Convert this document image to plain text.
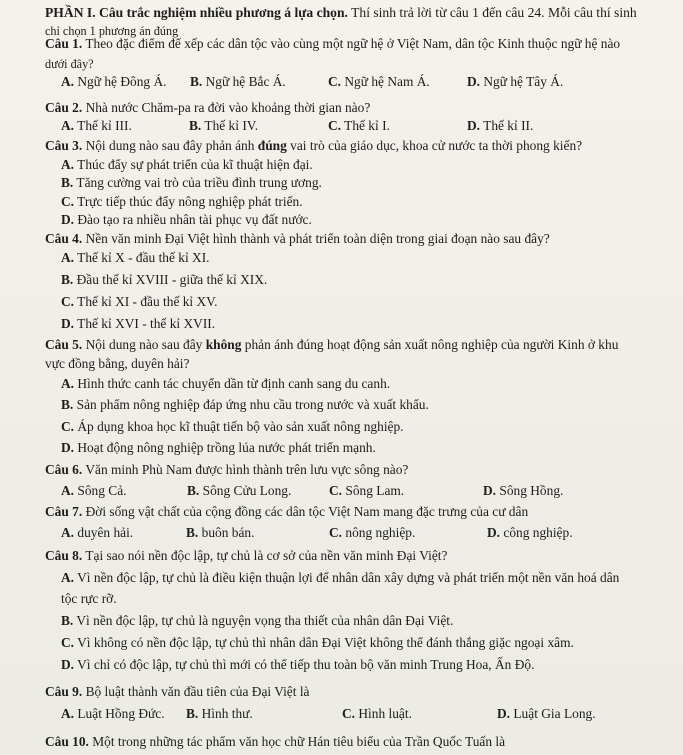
PHẦN I. Câu trắc nghiệm nhiều phương á lựa chọn. Thí sinh trả lời từ câu 1 đến câu 24. Mỗi câu thí sinh
chỉ chọn 1 phương án đúng
Câu 1. Theo đặc điểm để xếp các dân tộc vào cùng một ngữ hệ ở Việt Nam, dân tộc Kinh thuộc ngữ hệ nào
dưới đây?
A. Ngữ hệ Đông Á. B. Ngữ hệ Bắc Á.	C. Ngữ hệ Nam Á.	D. Ngữ hệ Tây Á.
Câu 2. Nhà nước Chăm-pa ra đời vào khoảng thời gian nào?
A. Thế kỉ III.	B. Thế kỉ IV.	C. Thế kỉ I.	D. Thế kỉ II.
Câu 3. Nội dung nào sau đây phản ánh đúng vai trò của giáo dục, khoa cử nước ta thời phong kiến?
A. Thúc đẩy sự phát triển của kĩ thuật hiện đại.
B. Tăng cường vai trò của triều đình trung ương.
C. Trực tiếp thúc đẩy nông nghiệp phát triển.
D. Đào tạo ra nhiều nhân tài phục vụ đất nước.
Câu 4. Nền văn minh Đại Việt hình thành và phát triển toàn diện trong giai đoạn nào sau đây?
A. Thế kỉ X - đầu thế kỉ XI.
B. Đầu thế kỉ XVIII - giữa thế kỉ XIX.
C. Thế kỉ XI - đầu thế kỉ XV.
D. Thế kỉ XVI - thế kỉ XVII.
Câu 5. Nội dung nào sau đây không phản ánh đúng hoạt động sản xuất nông nghiệp của người Kinh ở khu
vực đồng bằng, duyên hải?
A. Hình thức canh tác chuyển dần từ định canh sang du canh.
B. Sản phẩm nông nghiệp đáp ứng nhu cầu trong nước và xuất khẩu.
C. Áp dụng khoa học kĩ thuật tiến bộ vào sản xuất nông nghiệp.
D. Hoạt động nông nghiệp trồng lúa nước phát triển mạnh.
Câu 6. Văn minh Phù Nam được hình thành trên lưu vực sông nào?
A. Sông Cả.	B. Sông Cửu Long.	C. Sông Lam.	D. Sông Hồng.
Câu 7. Đời sống vật chất của cộng đồng các dân tộc Việt Nam mang đặc trưng của cư dân
A. duyên hải.	B. buôn bán.	C. nông nghiệp.	D. công nghiệp.
Câu 8. Tại sao nói nền độc lập, tự chủ là cơ sở của nền văn minh Đại Việt?
A. Vì nền độc lập, tự chủ là điều kiện thuận lợi để nhân dân xây dựng và phát triển một nền văn hoá dân
tộc rực rỡ.
B. Vì nền độc lập, tự chủ là nguyện vọng tha thiết của nhân dân Đại Việt.
C. Vì không có nền độc lập, tự chủ thì nhân dân Đại Việt không thể đánh thắng giặc ngoại xâm.
D. Vì chỉ có độc lập, tự chủ thì mới có thể tiếp thu toàn bộ văn minh Trung Hoa, Ấn Độ.
Câu 9. Bộ luật thành văn đầu tiên của Đại Việt là
A. Luật Hồng Đức. B. Hình thư.	C. Hình luật.	D. Luật Gia Long.
Câu 10. Một trong những tác phẩm văn học chữ Hán tiêu biểu của Trần Quốc Tuấn là
